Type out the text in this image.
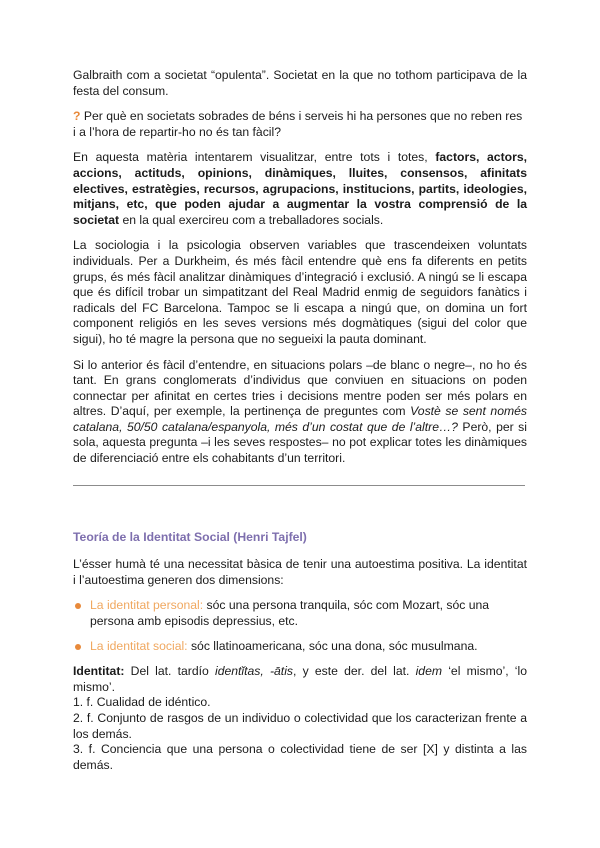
Galbraith com a societat “opulenta”. Societat en la que no tothom participava de la festa del consum.

? Per què en societats sobrades de béns i serveis hi ha persones que no reben res i a l’hora de repartir-ho no és tan fàcil?

En aquesta matèria intentarem visualitzar, entre tots i totes, factors, actors, accions, actituds, opinions, dinàmiques, lluites, consensos, afinitats electives, estratègies, recursos, agrupacions, institucions, partits, ideologies, mitjans, etc, que poden ajudar a augmentar la vostra comprensió de la societat en la qual exercireu com a treballadores socials.

La sociologia i la psicologia observen variables que trascendeixen voluntats individuals. Per a Durkheim, és més fàcil entendre què ens fa diferents en petits grups, és més fàcil analitzar dinàmiques d’integració i exclusió. A ningú se li escapa que és difícil trobar un simpatitzant del Real Madrid enmig de seguidors fanàtics i radicals del FC Barcelona. Tampoc se li escapa a ningú que, on domina un fort component religiós en les seves versions més dogmàtiques (sigui del color que sigui), ho té magre la persona que no segueixi la pauta dominant.

Si lo anterior és fàcil d’entendre, en situacions polars –de blanc o negre–, no ho és tant. En grans conglomerats d’individus que conviuen en situacions on poden connectar per afinitat en certes tries i decisions mentre poden ser més polars en altres. D’aquí, per exemple, la pertinença de preguntes com Vostè se sent només catalana, 50/50 catalana/espanyola, més d’un costat que de l’altre…? Però, per si sola, aquesta pregunta –i les seves respostes– no pot explicar totes les dinàmiques de diferenciació entre els cohabitants d’un territori.

Teoría de la Identitat Social (Henri Tajfel)

L’ésser humà té una necessitat bàsica de tenir una autoestima positiva. La identitat i l’autoestima generen dos dimensions:

La identitat personal: sóc una persona tranquila, sóc com Mozart, sóc una persona amb episodis depressius, etc.
La identitat social: sóc llatinoamericana, sóc una dona, sóc musulmana.

Identitat: Del lat. tardío identĭtas, -ātis, y este der. del lat. idem ‘el mismo’, ‘lo mismo’.

1. f. Cualidad de idéntico.

2. f. Conjunto de rasgos de un individuo o colectividad que los caracterizan frente a los demás.

3. f. Conciencia que una persona o colectividad tiene de ser [X] y distinta a las demás.
